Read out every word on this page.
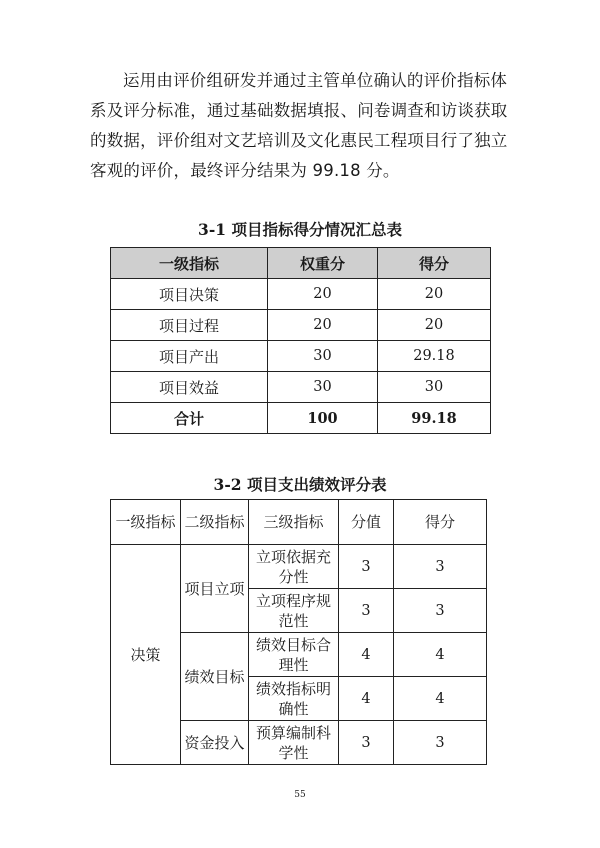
运用由评价组研发并通过主管单位确认的评价指标体系及评分标准，通过基础数据填报、问卷调查和访谈获取的数据，评价组对文艺培训及文化惠民工程项目行了独立客观的评价，最终评分结果为 99.18 分。

3-1 项目指标得分情况汇总表
一级指标	权重分	得分
项目决策	20	20
项目过程	20	20
项目产出	30	29.18
项目效益	30	30
合计	100	99.18
3-2 项目支出绩效评分表
一级指标	二级指标	三级指标	分值	得分
决策	项目立项	立项依据充分性	3	3
		立项程序规范性	3	3
	绩效目标	绩效目标合理性	4	4
		绩效指标明确性	4	4
	资金投入	预算编制科学性	3	3
55
